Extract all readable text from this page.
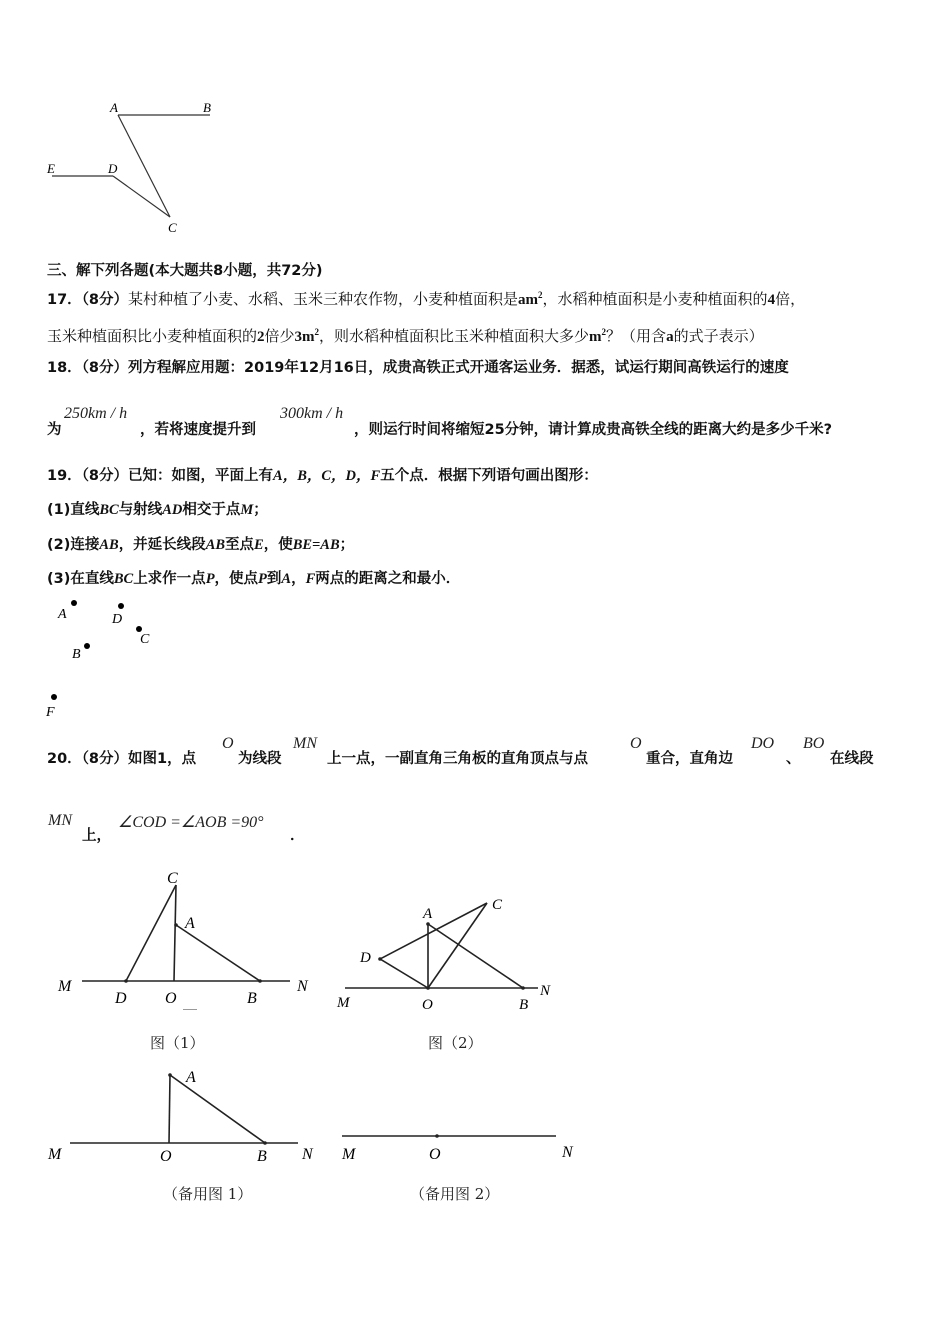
A	B
E	D
C
三、解下列各题(本大题共8小题，共72分)
17．（8分）某村种植了小麦、水稻、玉米三种农作物，小麦种植面积是$am^2$，水稻种植面积是小麦种植面积的4倍，
玉米种植面积比小麦种植面积的2倍少$3m^2$，则水稻种植面积比玉米种植面积大多少$m^2$？（用含a的式子表示）
18．（8分）列方程解应用题：2019年12月16日，成贵高铁正式开通客运业务．据悉，试运行期间高铁运行的速度
为
250km / h
，若将速度提升到
300km / h
，则运行时间将缩短25分钟，请计算成贵高铁全线的距离大约是多少千米?
19．（8分）已知：如图，平面上有A，B，C，D，F五个点．根据下列语句画出图形：
(1)直线BC与射线AD相交于点M；
(2)连接AB，并延长线段AB至点E，使BE=AB；
(3)在直线BC上求作一点P，使点P到A，F两点的距离之和最小．
A	D
C
B
F
20．（8分）如图1，点
O
为线段
MN
上一点，一副直角三角板的直角顶点与点
O
重合，直角边
DO
、
BO
在线段
MN
上，
∠COD =∠AOB =90°
．
C
A
M	N
D O	B
图（1）
A
C
D
M	O	B
N
图（2）
A
M	O	B N
（备用图 1）
M	O	N
（备用图 2）
